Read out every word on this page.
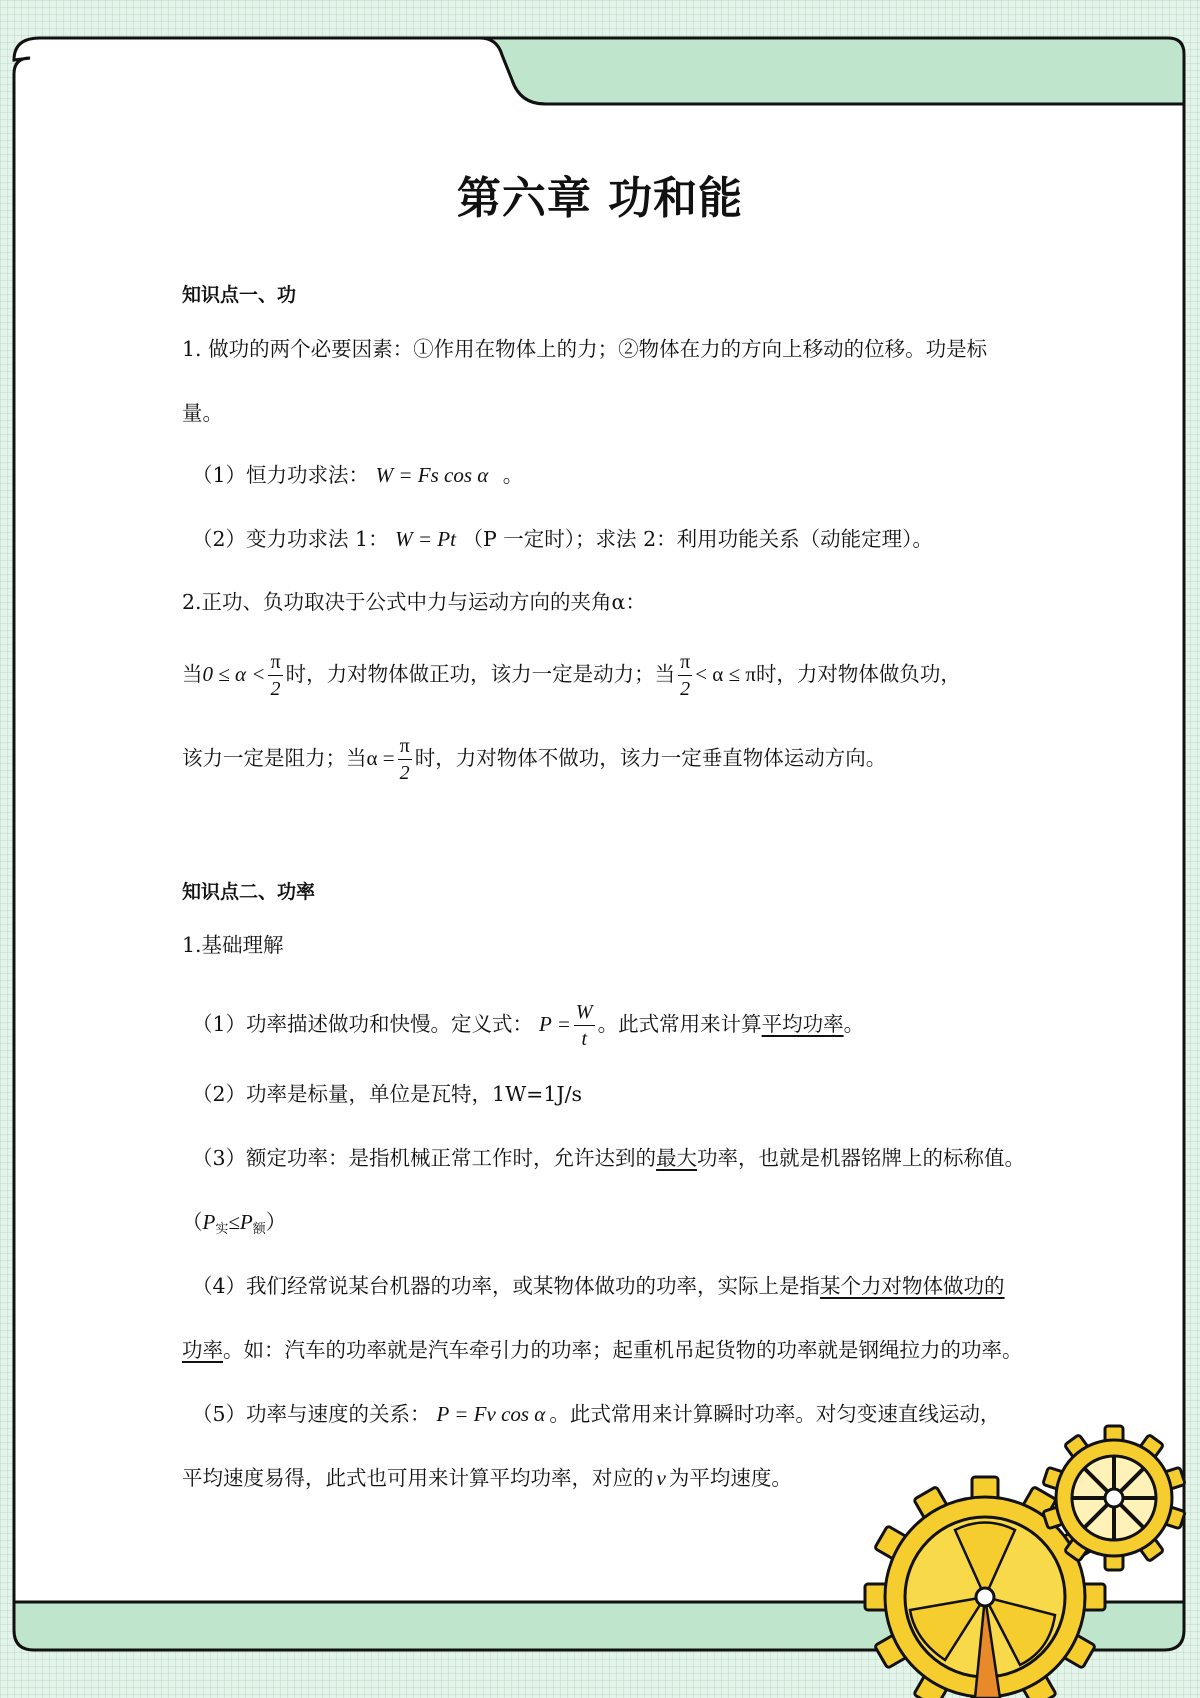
第六章 功和能
知识点一、功
1. 做功的两个必要因素：①作用在物体上的力；②物体在力的方向上移动的位移。功是标
量。
（1）恒力功求法： W = Fs cos α 。
（2）变力功求法 1： W = Pt （P 一定时）；求法 2：利用功能关系（动能定理）。
2.正功、负功取决于公式中力与运动方向的夹角α：
当$0 \le \alpha < \frac{\pi}{2}$ 时，力对物体做正功，该力一定是动力；当 $\frac{\pi}{2} < \alpha \le \pi$时，力对物体做负功，
该力一定是阻力；当$\alpha = \frac{\pi}{2}$ 时，力对物体不做功，该力一定垂直物体运动方向。
知识点二、功率
1.基础理解
（1）功率描述做功和快慢。定义式： $P = \frac{W}{t}$ 。此式常用来计算平均功率。
（2）功率是标量，单位是瓦特，1W=1J/s
（3）额定功率：是指机械正常工作时，允许达到的最大功率，也就是机器铭牌上的标称值。
$(P_实\le P_额)$
（4）我们经常说某台机器的功率，或某物体做功的功率，实际上是指某个力对物体做功的
功率。如：汽车的功率就是汽车牵引力的功率；起重机吊起货物的功率就是钢绳拉力的功率。
（5）功率与速度的关系： P = Fv cos α 。此式常用来计算瞬时功率。对匀变速直线运动，
平均速度易得，此式也可用来计算平均功率，对应的 v 为平均速度。
